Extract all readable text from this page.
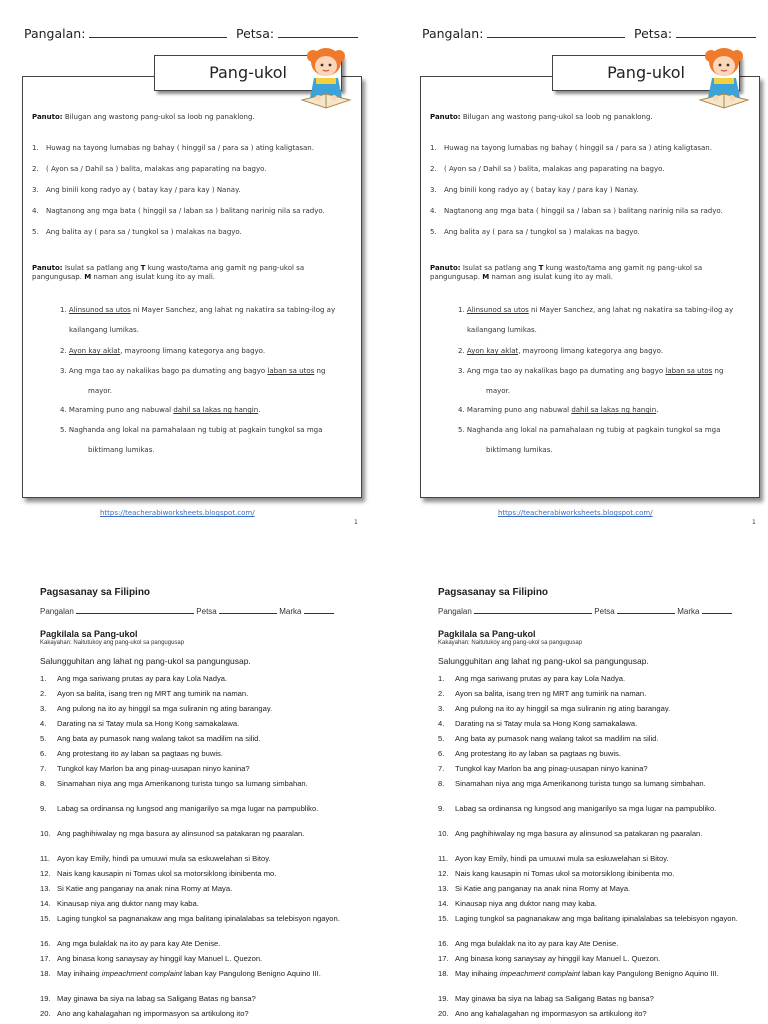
Pangalan:	Petsa:
Pang-ukol
Panuto: Bilugan ang wastong pang-ukol sa loob ng panaklong.
1. Huwag na tayong lumabas ng bahay ( hinggil sa / para sa ) ating kaligtasan.
2. ( Ayon sa / Dahil sa ) balita, malakas ang paparating na bagyo.
3. Ang binili kong radyo ay ( batay kay / para kay ) Nanay.
4. Nagtanong ang mga bata ( hinggil sa / laban sa ) balitang narinig nila sa radyo.
5. Ang balita ay ( para sa / tungkol sa ) malakas na bagyo.
Panuto: Isulat sa patlang ang T kung wasto/tama ang gamit ng pang-ukol sa pangungusap. M naman ang isulat kung ito ay mali.
1. Alinsunod sa utos ni Mayer Sanchez, ang lahat ng nakatira sa tabing-ilog ay
kailangang lumikas.
2. Ayon kay aklat, mayroong limang kategorya ang bagyo.
3. Ang mga tao ay nakalikas bago pa dumating ang bagyo laban sa utos ng
mayor.
4. Maraming puno ang nabuwal dahil sa lakas ng hangin.
5. Naghanda ang lokal na pamahalaan ng tubig at pagkain tungkol sa mga
biktimang lumikas.
https://teacherabiworksheets.blogspot.com/
1
Pangalan:	Petsa:
Pang-ukol
Panuto: Bilugan ang wastong pang-ukol sa loob ng panaklong.
1. Huwag na tayong lumabas ng bahay ( hinggil sa / para sa ) ating kaligtasan.
2. ( Ayon sa / Dahil sa ) balita, malakas ang paparating na bagyo.
3. Ang binili kong radyo ay ( batay kay / para kay ) Nanay.
4. Nagtanong ang mga bata ( hinggil sa / laban sa ) balitang narinig nila sa radyo.
5. Ang balita ay ( para sa / tungkol sa ) malakas na bagyo.
Panuto: Isulat sa patlang ang T kung wasto/tama ang gamit ng pang-ukol sa pangungusap. M naman ang isulat kung ito ay mali.
1. Alinsunod sa utos ni Mayer Sanchez, ang lahat ng nakatira sa tabing-ilog ay
kailangang lumikas.
2. Ayon kay aklat, mayroong limang kategorya ang bagyo.
3. Ang mga tao ay nakalikas bago pa dumating ang bagyo laban sa utos ng
mayor.
4. Maraming puno ang nabuwal dahil sa lakas ng hangin.
5. Naghanda ang lokal na pamahalaan ng tubig at pagkain tungkol sa mga
biktimang lumikas.
https://teacherabiworksheets.blogspot.com/
1
Pagsasanay sa Filipino
Pangalan	Petsa	Marka
Pagkilala sa Pang-ukol
Kakayahan: Naitutukoy ang pang-ukol sa pangugusap
Salungguhitan ang lahat ng pang-ukol sa pangungusap.
1.	Ang mga sariwang prutas ay para kay Lola Nadya.
2.	Ayon sa balita, isang tren ng MRT ang tumirik na naman.
3.	Ang pulong na ito ay hinggil sa mga suliranin ng ating barangay.
4.	Darating na si Tatay mula sa Hong Kong samakalawa.
5.	Ang bata ay pumasok nang walang takot sa madilim na silid.
6.	Ang protestang ito ay laban sa pagtaas ng buwis.
7.	Tungkol kay Marlon ba ang pinag-uusapan ninyo kanina?
8.	Sinamahan niya ang mga Amerikanong turista tungo sa lumang simbahan.
9.	Labag sa ordinansa ng lungsod ang manigarilyo sa mga lugar na pampubliko.
10. Ang paghihiwalay ng mga basura ay alinsunod sa patakaran ng paaralan.
11. Ayon kay Emily, hindi pa umuuwi mula sa eskuwelahan si Bitoy.
12. Nais kang kausapin ni Tomas ukol sa motorsiklong ibinibenta mo.
13. Si Katie ang panganay na anak nina Romy at Maya.
14. Kinausap niya ang duktor nang may kaba.
15. Laging tungkol sa pagnanakaw ang mga balitang ipinalalabas sa telebisyon ngayon.
16. Ang mga bulaklak na ito ay para kay Ate Denise.
17. Ang binasa kong sanaysay ay hinggil kay Manuel L. Quezon.
18. May inihaing impeachment complaint laban kay Pangulong Benigno Aquino III.
19. May ginawa ba siya na labag sa Saligang Batas ng bansa?
20. Ano ang kahalagahan ng impormasyon sa artikulong ito?
Pagsasanay sa Filipino
Pangalan	Petsa	Marka
Pagkilala sa Pang-ukol
Kakayahan: Naitutukoy ang pang-ukol sa pangugusap
Salungguhitan ang lahat ng pang-ukol sa pangungusap.
1.	Ang mga sariwang prutas ay para kay Lola Nadya.
2.	Ayon sa balita, isang tren ng MRT ang tumirik na naman.
3.	Ang pulong na ito ay hinggil sa mga suliranin ng ating barangay.
4.	Darating na si Tatay mula sa Hong Kong samakalawa.
5.	Ang bata ay pumasok nang walang takot sa madilim na silid.
6.	Ang protestang ito ay laban sa pagtaas ng buwis.
7.	Tungkol kay Marlon ba ang pinag-uusapan ninyo kanina?
8.	Sinamahan niya ang mga Amerikanong turista tungo sa lumang simbahan.
9.	Labag sa ordinansa ng lungsod ang manigarilyo sa mga lugar na pampubliko.
10. Ang paghihiwalay ng mga basura ay alinsunod sa patakaran ng paaralan.
11. Ayon kay Emily, hindi pa umuuwi mula sa eskuwelahan si Bitoy.
12. Nais kang kausapin ni Tomas ukol sa motorsiklong ibinibenta mo.
13. Si Katie ang panganay na anak nina Romy at Maya.
14. Kinausap niya ang duktor nang may kaba.
15. Laging tungkol sa pagnanakaw ang mga balitang ipinalalabas sa telebisyon ngayon.
16. Ang mga bulaklak na ito ay para kay Ate Denise.
17. Ang binasa kong sanaysay ay hinggil kay Manuel L. Quezon.
18. May inihaing impeachment complaint laban kay Pangulong Benigno Aquino III.
19. May ginawa ba siya na labag sa Saligang Batas ng bansa?
20. Ano ang kahalagahan ng impormasyon sa artikulong ito?
